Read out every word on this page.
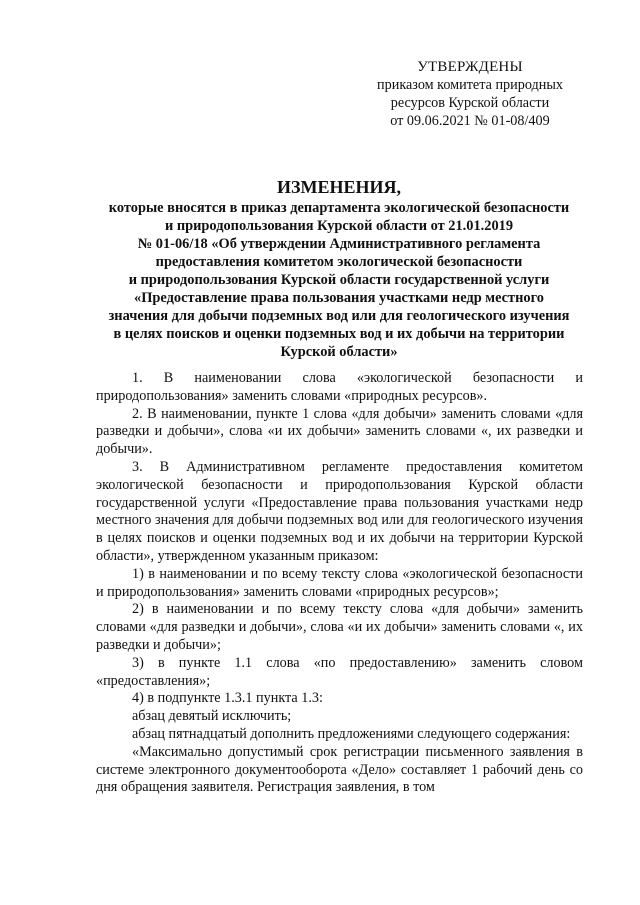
УТВЕРЖДЕНЫ
приказом комитета природных
ресурсов Курской области
от 09.06.2021 № 01-08/409
ИЗМЕНЕНИЯ,
которые вносятся в приказ департамента экологической безопасности
и природопользования Курской области от 21.01.2019
№ 01-06/18 «Об утверждении Административного регламента
предоставления комитетом экологической безопасности
и природопользования Курской области государственной услуги
«Предоставление права пользования участками недр местного
значения для добычи подземных вод или для геологического изучения
в целях поисков и оценки подземных вод и их добычи на территории
Курской области»

1. В наименовании слова «экологической безопасности и природопользования» заменить словами «природных ресурсов».

2. В наименовании, пункте 1 слова «для добычи» заменить словами «для разведки и добычи», слова «и их добычи» заменить словами «, их разведки и добычи».

3. В Административном регламенте предоставления комитетом экологической безопасности и природопользования Курской области государственной услуги «Предоставление права пользования участками недр местного значения для добычи подземных вод или для геологического изучения в целях поисков и оценки подземных вод и их добычи на территории Курской области», утвержденном указанным приказом:

1) в наименовании и по всему тексту слова «экологической безопасности и природопользования» заменить словами «природных ресурсов»;

2) в наименовании и по всему тексту слова «для добычи» заменить словами «для разведки и добычи», слова «и их добычи» заменить словами «, их разведки и добычи»;

3) в пункте 1.1 слова «по предоставлению» заменить словом «предоставления»;

4) в подпункте 1.3.1 пункта 1.3:

абзац девятый исключить;

абзац пятнадцатый дополнить предложениями следующего содержания:

«Максимально допустимый срок регистрации письменного заявления в системе электронного документооборота «Дело» составляет 1 рабочий день со дня обращения заявителя. Регистрация заявления, в том
